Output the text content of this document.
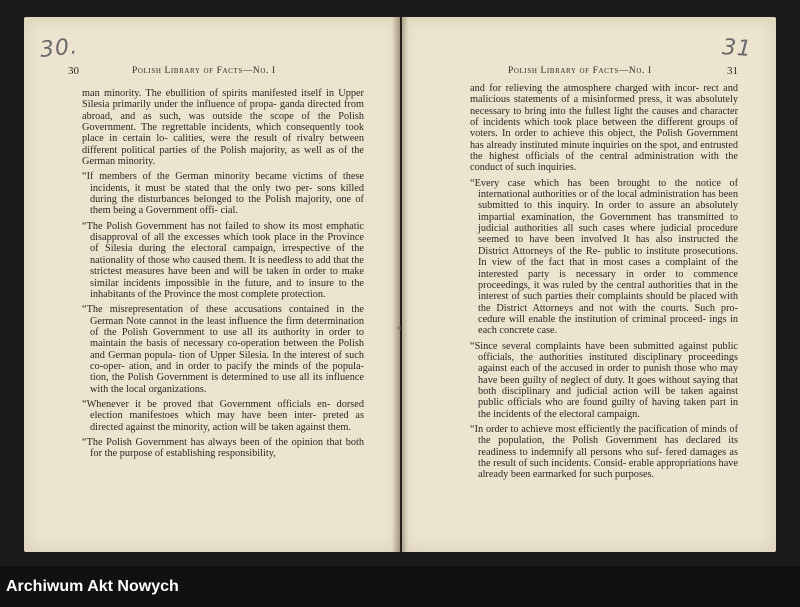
30.	31
30	Polish Library of Facts—No. I	Polish Library of Facts—No. I	31

man minority. The ebullition of spirits manifested itself in Upper Silesia primarily under the influence of propa- ganda directed from abroad, and as such, was outside the scope of the Polish Government. The regrettable incidents, which consequently took place in certain lo- calities, were the result of rivalry between different political parties of the Polish majority, as well as of the German minority.

“If members of the German minority became victims of these incidents, it must be stated that the only two per- sons killed during the disturbances belonged to the Polish majority, one of them being a Government offi- cial.

“The Polish Government has not failed to show its most emphatic disapproval of all the excesses which took place in the Province of Silesia during the electoral campaign, irrespective of the nationality of those who caused them. It is needless to add that the strictest measures have been and will be taken in order to make similar incidents impossible in the future, and to insure to the inhabitants of the Province the most complete protection.

“The misrepresentation of these accusations contained in the German Note cannot in the least influence the firm determination of the Polish Government to use all its authority in order to maintain the basis of necessary co-operation between the Polish and German popula- tion of Upper Silesia. In the interest of such co-oper- ation, and in order to pacify the minds of the popula- tion, the Polish Government is determined to use all its influence with the local organizations.

“Whenever it be proved that Government officials en- dorsed election manifestoes which may have been inter- preted as directed against the minority, action will be taken against them.

“The Polish Government has always been of the opinion that both for the purpose of establishing responsibility,

and for relieving the atmosphere charged with incor- rect and malicious statements of a misinformed press, it was absolutely necessary to bring into the fullest light the causes and character of incidents which took place between the different groups of voters. In order to achieve this object, the Polish Government has already instituted minute inquiries on the spot, and entrusted the highest officials of the central administration with the conduct of such inquiries.

“Every case which has been brought to the notice of international authorities or of the local administration has been submitted to this inquiry. In order to assure an absolutely impartial examination, the Government has transmitted to judicial authorities all such cases where judicial procedure seemed to have been involved It has also instructed the District Attorneys of the Re- public to institute prosecutions. In view of the fact that in most cases a complaint of the interested party is necessary in order to commence proceedings, it was ruled by the central authorities that in the interest of such parties their complaints should be placed with the District Attorneys and not with the courts. Such pro- cedure will enable the institution of criminal proceed- ings in each concrete case.

“Since several complaints have been submitted against public officials, the authorities instituted disciplinary proceedings against each of the accused in order to punish those who may have been guilty of neglect of duty. It goes without saying that both disciplinary and judicial action will be taken against public officials who are found guilty of having taken part in the incidents of the electoral campaign.

“In order to achieve most efficiently the pacification of minds of the population, the Polish Government has declared its readiness to indemnify all persons who suf- fered damages as the result of such incidents. Consid- erable appropriations have already been earmarked for such purposes.

Archiwum Akt Nowych
